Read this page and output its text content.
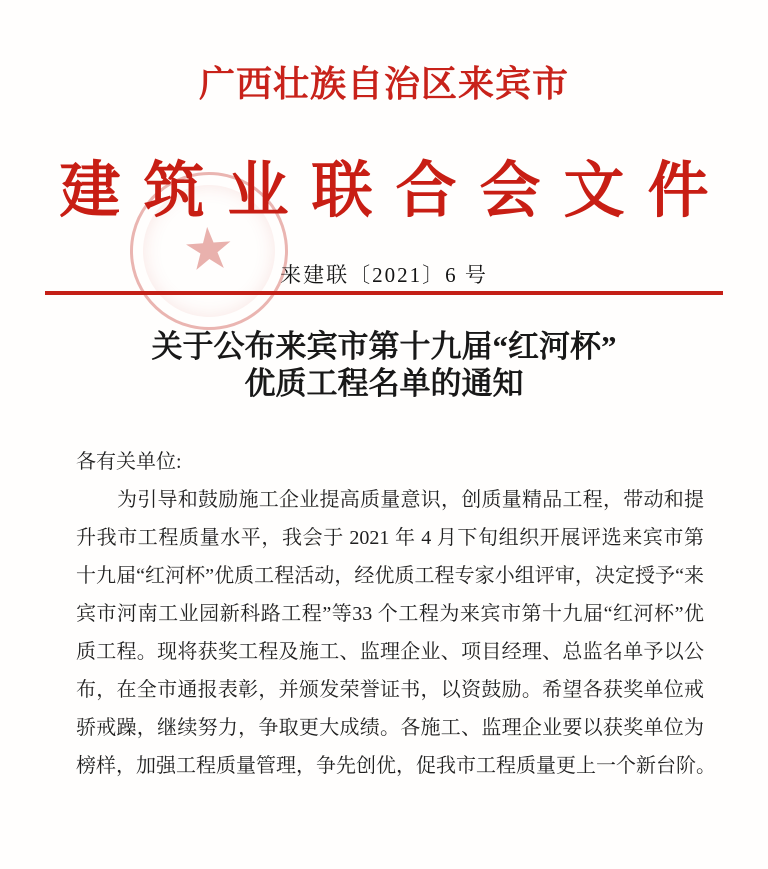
★
广西壮族自治区来宾市
建筑业联合会文件
来建联〔2021〕6 号
关于公布来宾市第十九届“红河杯”
优质工程名单的通知
各有关单位:
为引导和鼓励施工企业提高质量意识，创质量精品工程，带动和提
升我市工程质量水平，我会于 2021 年 4 月下旬组织开展评选来宾市第
十九届“红河杯”优质工程活动，经优质工程专家小组评审，决定授予“来
宾市河南工业园新科路工程”等33 个工程为来宾市第十九届“红河杯”优
质工程。现将获奖工程及施工、监理企业、项目经理、总监名单予以公
布，在全市通报表彰，并颁发荣誉证书，以资鼓励。希望各获奖单位戒
骄戒躁，继续努力，争取更大成绩。各施工、监理企业要以获奖单位为
榜样，加强工程质量管理，争先创优，促我市工程质量更上一个新台阶。
